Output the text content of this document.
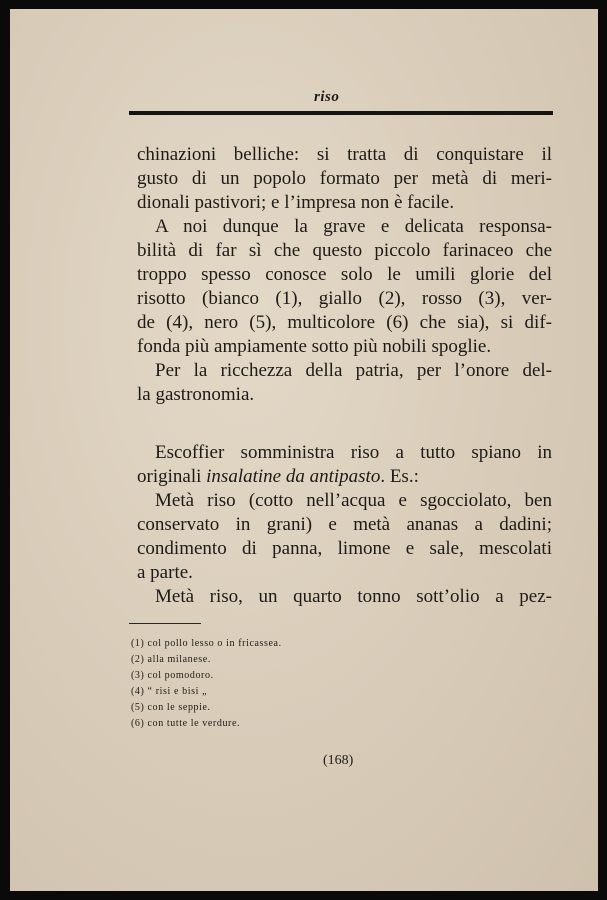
riso
chinazioni belliche: si tratta di conquistare il
gusto di un popolo formato per metà di meri-
dionali pastivori; e l’impresa non è facile.
A noi dunque la grave e delicata responsa-
bilità di far sì che questo piccolo farinaceo che
troppo spesso conosce solo le umili glorie del
risotto (bianco (1), giallo (2), rosso (3), ver-
de (4), nero (5), multicolore (6) che sia), si dif-
fonda più ampiamente sotto più nobili spoglie.
Per la ricchezza della patria, per l’onore del-
la gastronomia.
Escoffier somministra riso a tutto spiano in
originali insalatine da antipasto. Es.:
Metà riso (cotto nell’acqua e sgocciolato, ben
conservato in grani) e metà ananas a dadini;
condimento di panna, limone e sale, mescolati
a parte.
Metà riso, un quarto tonno sott’olio a pez-
(1) col pollo lesso o in fricassea.
(2) alla milanese.
(3) col pomodoro.
(4) “ risi e bisi „
(5) con le seppie.
(6) con tutte le verdure.
(168)
